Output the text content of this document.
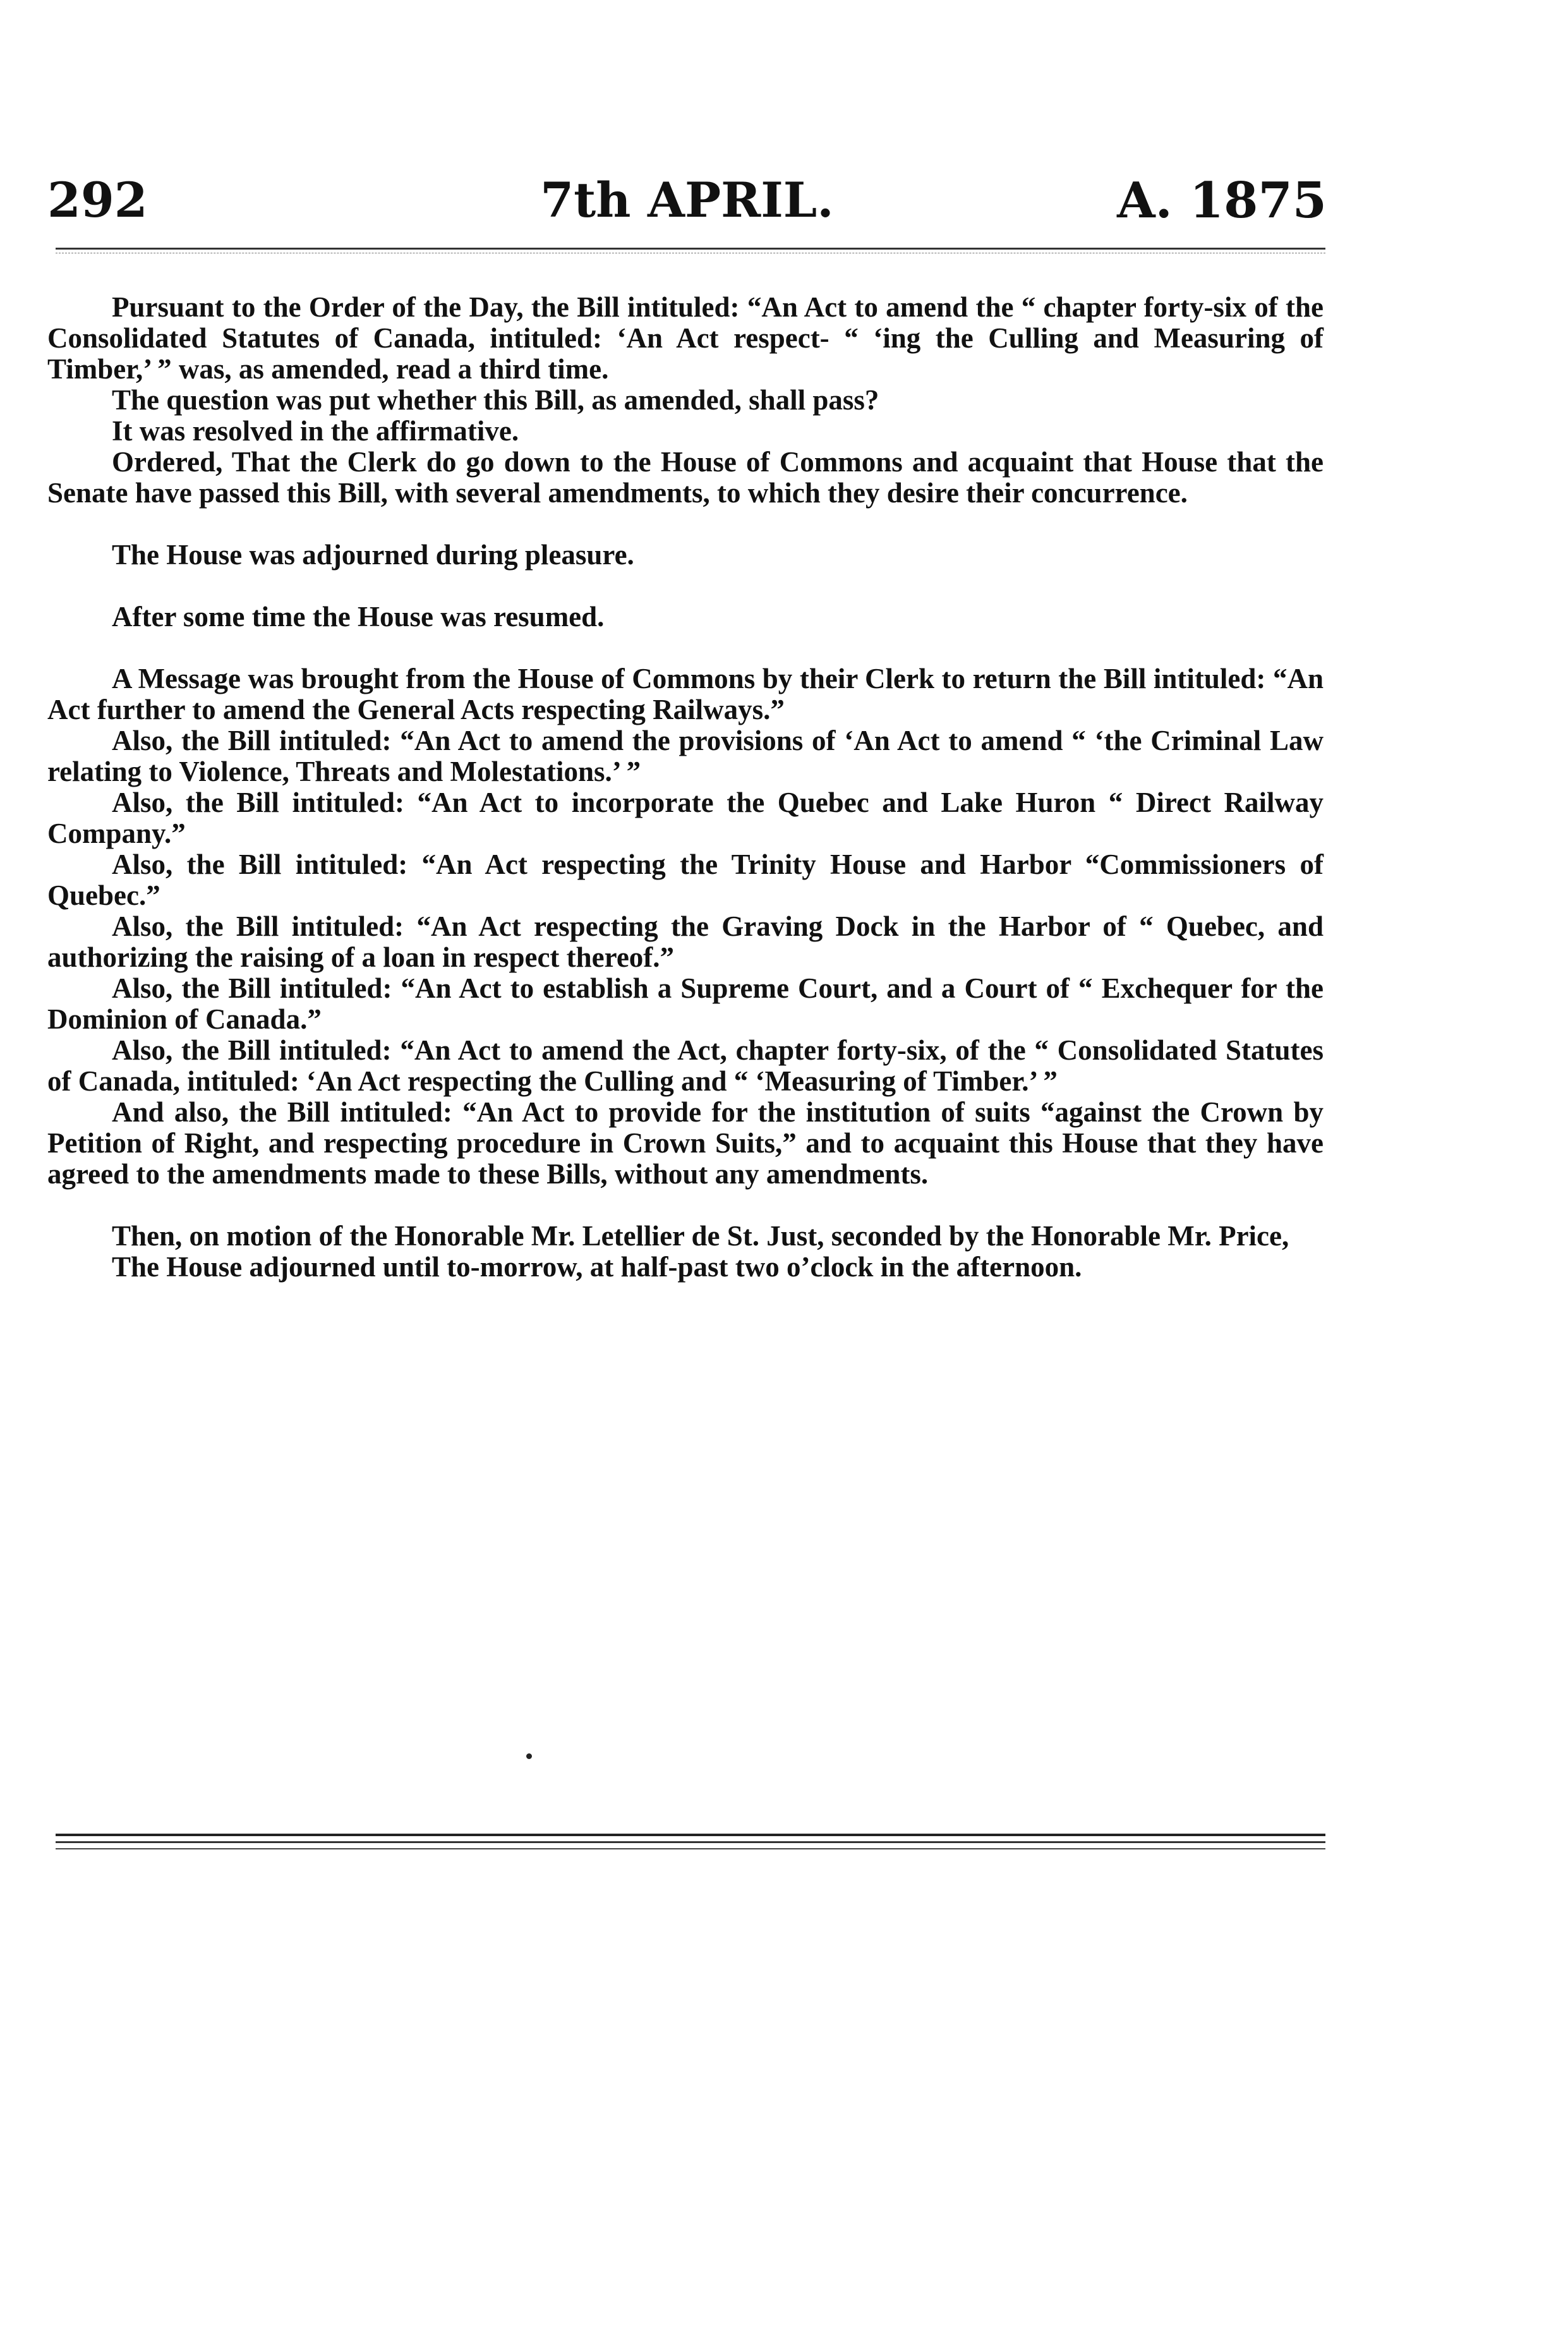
292	7th APRIL.	A. 1875

Pursuant to the Order of the Day, the Bill intituled: “An Act to amend the “ chapter forty-six of the Consolidated Statutes of Canada, intituled: ‘An Act respect- “ ‘ing the Culling and Measuring of Timber,’ ” was, as amended, read a third time.

The question was put whether this Bill, as amended, shall pass?

It was resolved in the affirmative.

Ordered, That the Clerk do go down to the House of Commons and acquaint that House that the Senate have passed this Bill, with several amendments, to which they desire their concurrence.

The House was adjourned during pleasure.

After some time the House was resumed.

A Message was brought from the House of Commons by their Clerk to return the Bill intituled: “An Act further to amend the General Acts respecting Railways.”

Also, the Bill intituled: “An Act to amend the provisions of ‘An Act to amend “ ‘the Criminal Law relating to Violence, Threats and Molestations.’ ”

Also, the Bill intituled: “An Act to incorporate the Quebec and Lake Huron “ Direct Railway Company.”

Also, the Bill intituled: “An Act respecting the Trinity House and Harbor “Commissioners of Quebec.”

Also, the Bill intituled: “An Act respecting the Graving Dock in the Harbor of “ Quebec, and authorizing the raising of a loan in respect thereof.”

Also, the Bill intituled: “An Act to establish a Supreme Court, and a Court of “ Exchequer for the Dominion of Canada.”

Also, the Bill intituled: “An Act to amend the Act, chapter forty-six, of the “ Consolidated Statutes of Canada, intituled: ‘An Act respecting the Culling and “ ‘Measuring of Timber.’ ”

And also, the Bill intituled: “An Act to provide for the institution of suits “against the Crown by Petition of Right, and respecting procedure in Crown Suits,” and to acquaint this House that they have agreed to the amendments made to these Bills, without any amendments.

Then, on motion of the Honorable Mr. Letellier de St. Just, seconded by the Honorable Mr. Price,

The House adjourned until to-morrow, at half-past two o’clock in the afternoon.
